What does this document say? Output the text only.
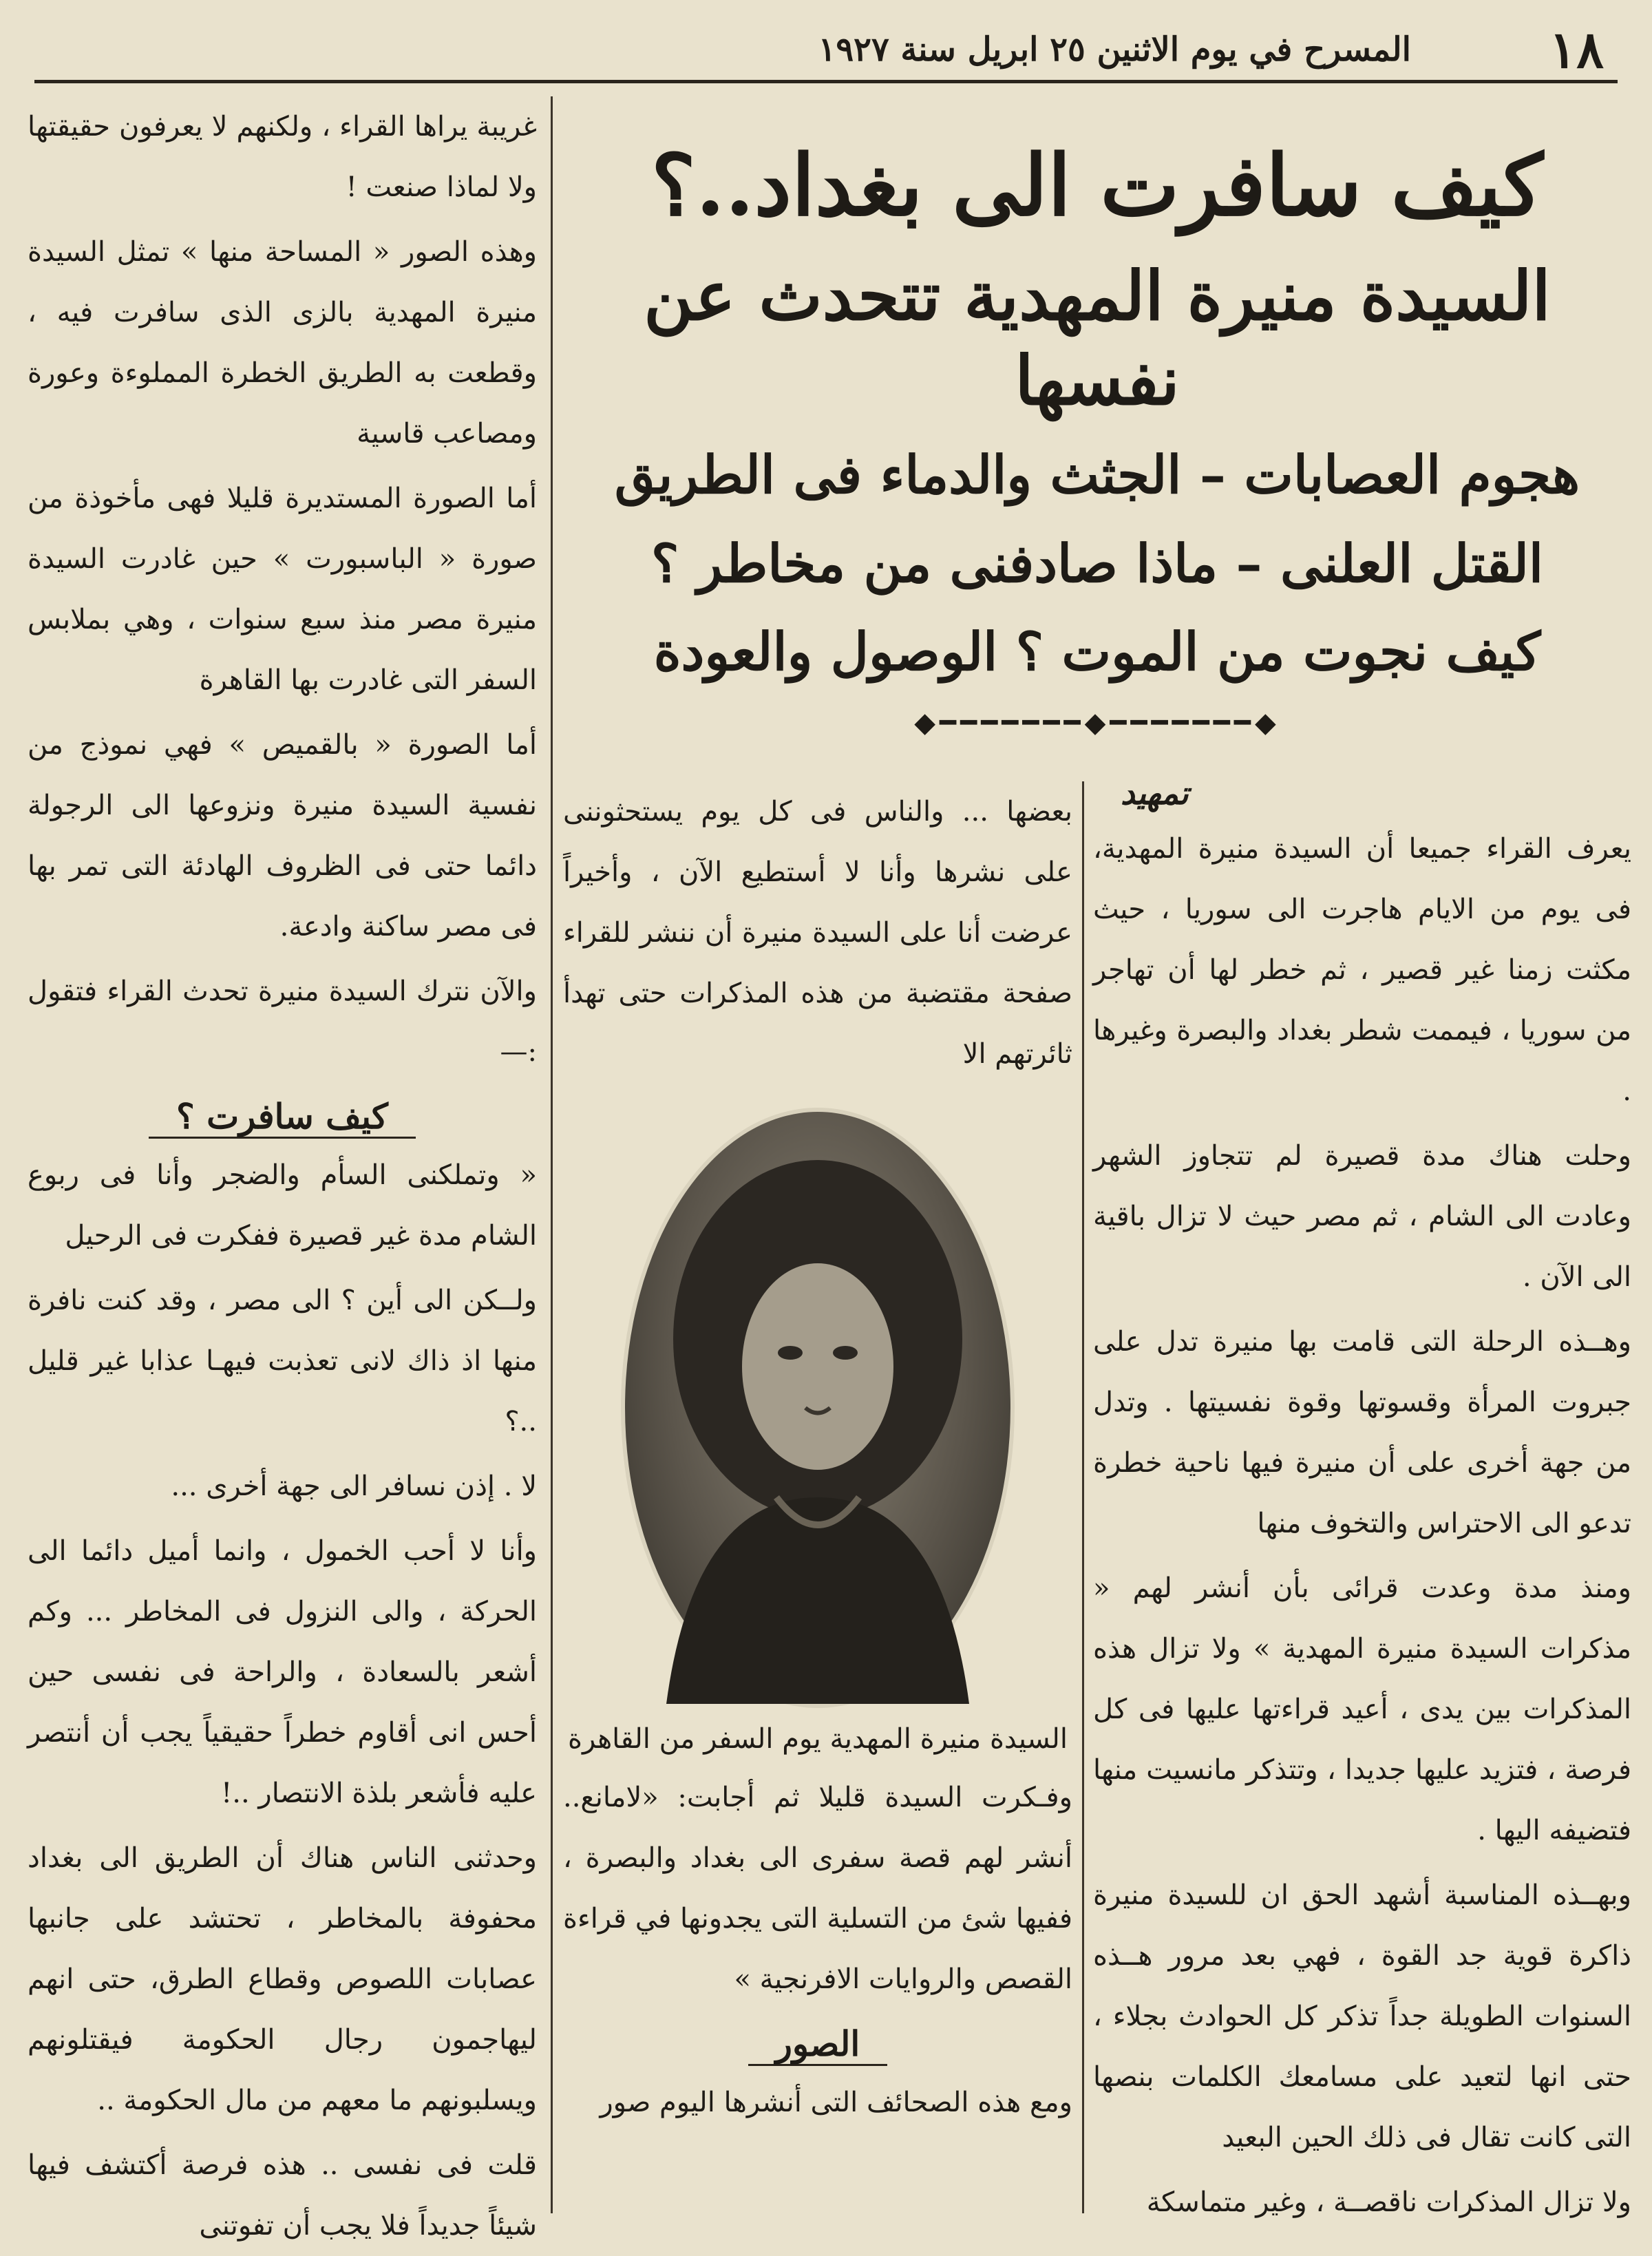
١٨
المسرح في يوم الاثنين ٢٥ ابريل سنة ١٩٢٧
كيف سافرت الى بغداد..؟
السيدة منيرة المهدية تتحدث عن نفسها
هجوم العصابات – الجثث والدماء فى الطريق
القتل العلنى – ماذا صادفنى من مخاطر ؟
كيف نجوت من الموت ؟ الوصول والعودة
◆━━━━━━━◆━━━━━━━◆
تمهيد

يعرف القراء جميعا أن السيدة منيرة المهدية، فى يوم من الايام هاجرت الى سوريا ، حيث مكثت زمنا غير قصير ، ثم خطر لها أن تهاجر من سوريا ، فيممت شطر بغداد والبصرة وغيرها .

وحلت هناك مدة قصيرة لم تتجاوز الشهر وعادت الى الشام ، ثم مصر حيث لا تزال باقية الى الآن .

وهــذه الرحلة التى قامت بها منيرة تدل على جبروت المرأة وقسوتها وقوة نفسيتها . وتدل من جهة أخرى على أن منيرة فيها ناحية خطرة تدعو الى الاحتراس والتخوف منها

ومنذ مدة وعدت قرائى بأن أنشر لهم « مذكرات السيدة منيرة المهدية » ولا تزال هذه المذكرات بين يدى ، أعيد قراءتها عليها فى كل فرصة ، فتزيد عليها جديدا ، وتتذكر مانسيت منها فتضيفه اليها .

وبهــذه المناسبة أشهد الحق ان للسيدة منيرة ذاكرة قوية جد القوة ، فهي بعد مرور هــذه السنوات الطويلة جداً تذكر كل الحوادث بجلاء ، حتى انها لتعيد على مسامعك الكلمات بنصها التى كانت تقال فى ذلك الحين البعيد

ولا تزال المذكرات ناقصــة ، وغير متماسكة

بعضها ... والناس فى كل يوم يستحثوننى على نشرها وأنا لا أستطيع الآن ، وأخيراً عرضت أنا على السيدة منيرة أن ننشر للقراء صفحة مقتضبة من هذه المذكرات حتى تهدأ ثائرتهم الا

السيدة منيرة المهدية يوم السفر من القاهرة

وفـكرت السيدة قليلا ثم أجابت: «لامانع.. أنشر لهم قصة سفرى الى بغداد والبصرة ، ففيها شئ من التسلية التى يجدونها في قراءة القصص والروايات الافرنجية »

الصور

ومع هذه الصحائف التى أنشرها اليوم صور

غريبة يراها القراء ، ولكنهم لا يعرفون حقيقتها ولا لماذا صنعت !

وهذه الصور « المساحة منها » تمثل السيدة منيرة المهدية بالزى الذى سافرت فيه ، وقطعت به الطريق الخطرة المملوءة وعورة ومصاعب قاسية

أما الصورة المستديرة قليلا فهى مأخوذة من صورة « الباسبورت » حين غادرت السيدة منيرة مصر منذ سبع سنوات ، وهي بملابس السفر التى غادرت بها القاهرة

أما الصورة « بالقميص » فهي نموذج من نفسية السيدة منيرة ونزوعها الى الرجولة دائما حتى فى الظروف الهادئة التى تمر بها فى مصر ساكنة وادعة.

والآن نترك السيدة منيرة تحدث القراء فتقول :—

كيف سافرت ؟

« وتملكنى السأم والضجر وأنا فى ربوع الشام مدة غير قصيرة ففكرت فى الرحيل

ولــكن الى أين ؟ الى مصر ، وقد كنت نافرة منها اذ ذاك لانى تعذبت فيهـا عذابا غير قليل ..؟

لا . إذن نسافر الى جهة أخرى ...

وأنا لا أحب الخمول ، وانما أميل دائما الى الحركة ، والى النزول فى المخاطر ... وكم أشعر بالسعادة ، والراحة فى نفسى حين أحس انى أقاوم خطراً حقيقياً يجب أن أنتصر عليه فأشعر بلذة الانتصار ..!

وحدثنى الناس هناك أن الطريق الى بغداد محفوفة بالمخاطر ، تحتشد على جانبها عصابات اللصوص وقطاع الطرق، حتى انهم ليهاجمون رجال الحكومة فيقتلونهم ويسلبونهم ما معهم من مال الحكومة ..

قلت فى نفسى .. هذه فرصة أكتشف فيها شيئاً جديداً فلا يجب أن تفوتنى
